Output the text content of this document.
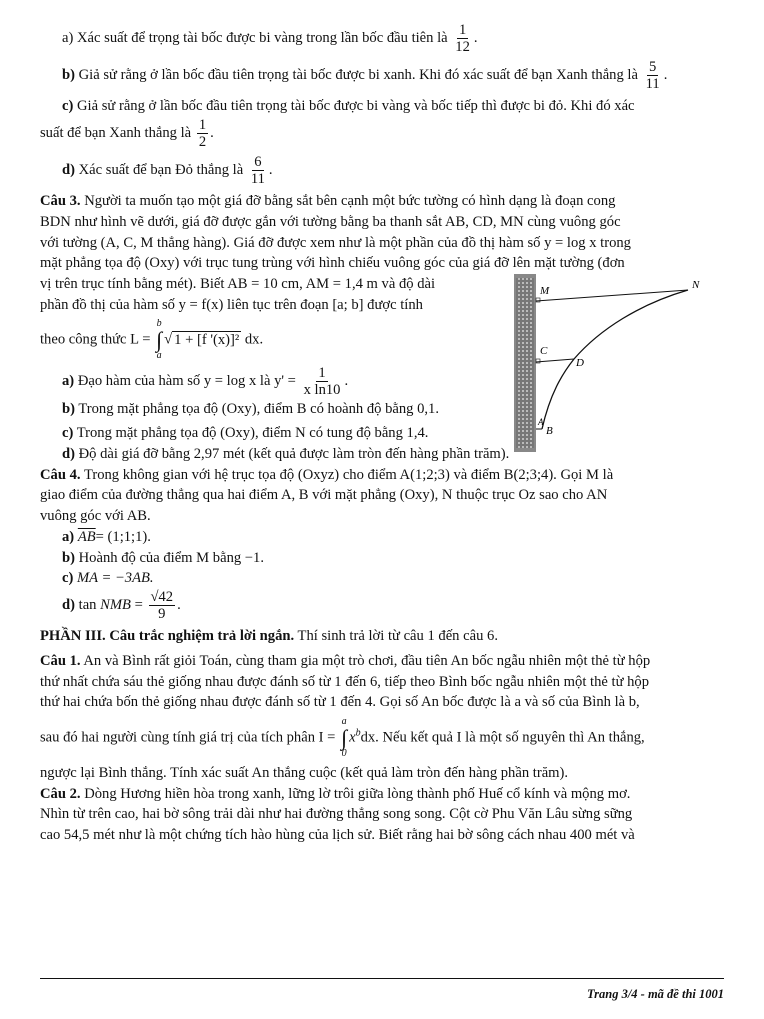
a) Xác suất để trọng tài bốc được bi vàng trong lần bốc đầu tiên là $\frac{1}{12}$ .

b) Giả sử rằng ở lần bốc đầu tiên trọng tài bốc được bi xanh. Khi đó xác suất để bạn Xanh thắng là $\frac{5}{11}$ .

c) Giả sử rằng ở lần bốc đầu tiên trọng tài bốc được bi vàng và bốc tiếp thì được bi đỏ. Khi đó xác

suất để bạn Xanh thắng là $\frac{1}{2}$ .

d) Xác suất để bạn Đỏ thắng là $\frac{6}{11}$ .

Câu 3. Người ta muốn tạo một giá đỡ bằng sắt bên cạnh một bức tường có hình dạng là đoạn cong

BDN như hình vẽ dưới, giá đỡ được gắn với tường bằng ba thanh sắt AB, CD, MN cùng vuông góc

với tường (A, C, M thẳng hàng). Giá đỡ được xem như là một phần của đồ thị hàm số y = log x trong

mặt phẳng tọa độ (Oxy) với trục tung trùng với hình chiếu vuông góc của giá đỡ lên mặt tường (đơn

vị trên trục tính bằng mét). Biết AB = 10 cm, AM = 1,4 m và độ dài

phần đồ thị của hàm số y = f(x) liên tục trên đoạn [a; b] được tính

theo công thức L =
b
∫
a
√ 1 + [f '(x)]² dx.

a) Đạo hàm của hàm số y = log x là $y' = \frac{1}{\text{x ln10}}$ .

b) Trong mặt phẳng tọa độ (Oxy), điểm B có hoành độ bằng 0,1.

c) Trong mặt phẳng tọa độ (Oxy), điểm N có tung độ bằng 1,4.

M	N
C
D
A
B

d) Độ dài giá đỡ bằng 2,97 mét (kết quả được làm tròn đến hàng phần trăm).

Câu 4. Trong không gian với hệ trục tọa độ (Oxyz) cho điểm A(1;2;3) và điểm B(2;3;4). Gọi M là

giao điểm của đường thẳng qua hai điểm A, B với mặt phẳng (Oxy), N thuộc trục Oz sao cho AN

vuông góc với AB.

a) $\overline{AB}=$ (1;1;1).

b) Hoành độ của điểm M bằng −1.

c) MA = −3AB.

d) tan NMB = $\frac{√42}{9}$ .

PHẦN III. Câu trắc nghiệm trả lời ngắn. Thí sinh trả lời từ câu 1 đến câu 6.

Câu 1. An và Bình rất giỏi Toán, cùng tham gia một trò chơi, đầu tiên An bốc ngẫu nhiên một thẻ từ hộp

thứ nhất chứa sáu thẻ giống nhau được đánh số từ 1 đến 6, tiếp theo Bình bốc ngẫu nhiên một thẻ từ hộp

thứ hai chứa bốn thẻ giống nhau được đánh số từ 1 đến 4. Gọi số An bốc được là a và số của Bình là b,

sau đó hai người cùng tính giá trị của tích phân I =
a
∫
0
$x^bdx$. Nếu kết quả I là một số nguyên thì An thắng,

ngược lại Bình thắng. Tính xác suất An thắng cuộc (kết quả làm tròn đến hàng phần trăm).

Câu 2. Dòng Hương hiền hòa trong xanh, lững lờ trôi giữa lòng thành phố Huế cổ kính và mộng mơ.

Nhìn từ trên cao, hai bờ sông trải dài như hai đường thẳng song song. Cột cờ Phu Văn Lâu sừng sững

cao 54,5 mét như là một chứng tích hào hùng của lịch sử. Biết rằng hai bờ sông cách nhau 400 mét và

Trang 3/4 - mã đề thi 1001
